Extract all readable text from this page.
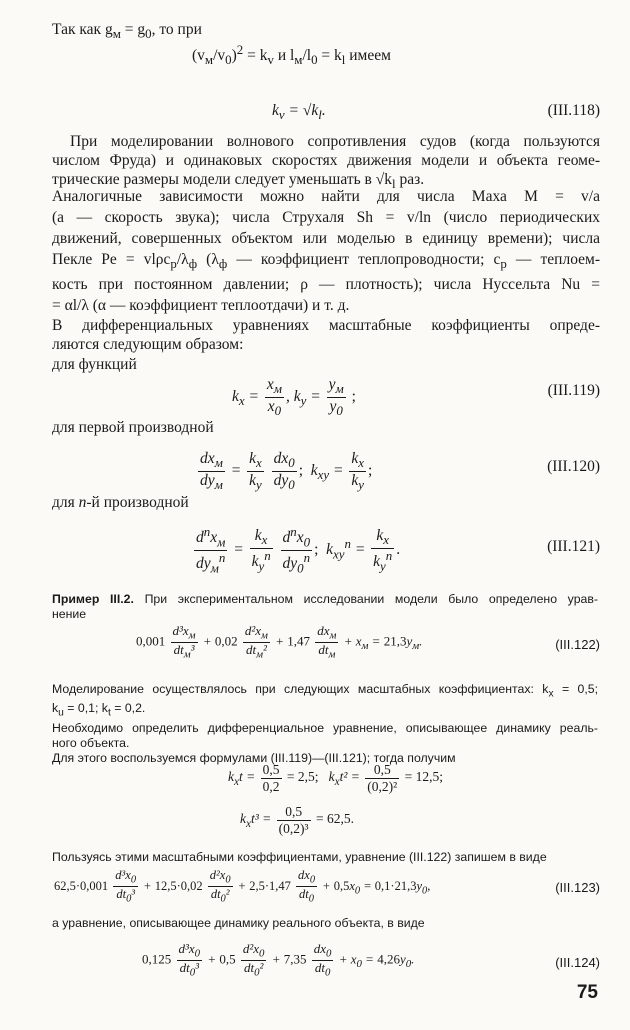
Так как $g_м = g_0$, то при
$(v_м/v_0)^2 = k_v$ и $l_м/l_0 = k_l$ имеем
$k_v = √k_l$.	(III.118)

При моделировании волнового сопротивления судов (когда пользуются

числом Фруда) и одинаковых скоростях движения модели и объекта геоме-

трические размеры модели следует уменьшать в $√k_l$ раз.

Аналогичные зависимости можно найти для числа Маха M = v/a

(a — скорость звука); числа Струхаля Sh = v/ln (число периодических

движений, совершенных объектом или моделью в единицу времени); числа

Пекле $Pe = vl\rho c_p/\lambda_ф$ ($\lambda_ф$ — коэффициент теплопроводности; $c_p$ — теплоем-

кость при постоянном давлении; ρ — плотность); числа Нуссельта Nu =

= αl/λ (α — коэффициент теплоотдачи) и т. д.

В дифференциальных уравнениях масштабные коэффициенты опреде-

ляются следующим образом:

для функций
$k_x = \frac{x_м}{x_0}$ , $k_y = \frac{y_м}{y_0}$ ;	(III.119)
для первой производной
$\frac{dx_м}{dy_м} = \frac{k_x}{k_y}$
$\frac{dx_0}{dy_0}$ ;  $k_{xy} = \frac{k_x}{k_y}$ ;	(III.120)
для n-й производной
$\frac{d^nx_м}{dy_м^n} = \frac{k_x}{k_y^n}$
$\frac{d^nx_0}{dy_0^n}$ ;  $k_{xy}^n = \frac{k_x}{k_y^n}$ .	(III.121)

Пример III.2. При экспериментальном исследовании модели было определено урав-

нение

$0,001 \frac{d^3x_м}{dt_м^3} + 0,02 \frac{d^2x_м}{dt_м^2} + 1,47 \frac{dx_м}{dt_м} + x_м = 21,3y_м$.	(III.122)

Моделирование осуществлялось при следующих масштабных коэффициентах: $k_x = 0,5$;

$k_u = 0,1$; $k_t = 0,2$.

Необходимо определить дифференциальное уравнение, описывающее динамику реаль-

ного объекта.

Для этого воспользуемся формулами (III.119)—(III.121); тогда получим

$k_xt = \frac{0,5}{0,2} = 2,5$;   $k_xt^2 = \frac{0,5}{\text{(0,2)²}} = 12,5$;
$k_xt^3 = \frac{0,5}{\text{(0,2)³}} = 62,5$.
Пользуясь этими масштабными коэффициентами, уравнение (III.122) запишем в виде
$62,5\cdot 0,001 \frac{d^3x_0}{dt_0^3} + 12,5\cdot 0,02 \frac{d^2x_0}{dt_0^2} + 2,5\cdot 1,47 \frac{dx_0}{dt_0} + 0,5x_0 = 0,1\cdot 21,3y_0$,	(III.123)
а уравнение, описывающее динамику реального объекта, в виде
$0,125 \frac{d^3x_0}{dt_0^3} + 0,5 \frac{d^2x_0}{dt_0^2} + 7,35 \frac{dx_0}{dt_0} + x_0 = 4,26y_0$.	(III.124)
75
